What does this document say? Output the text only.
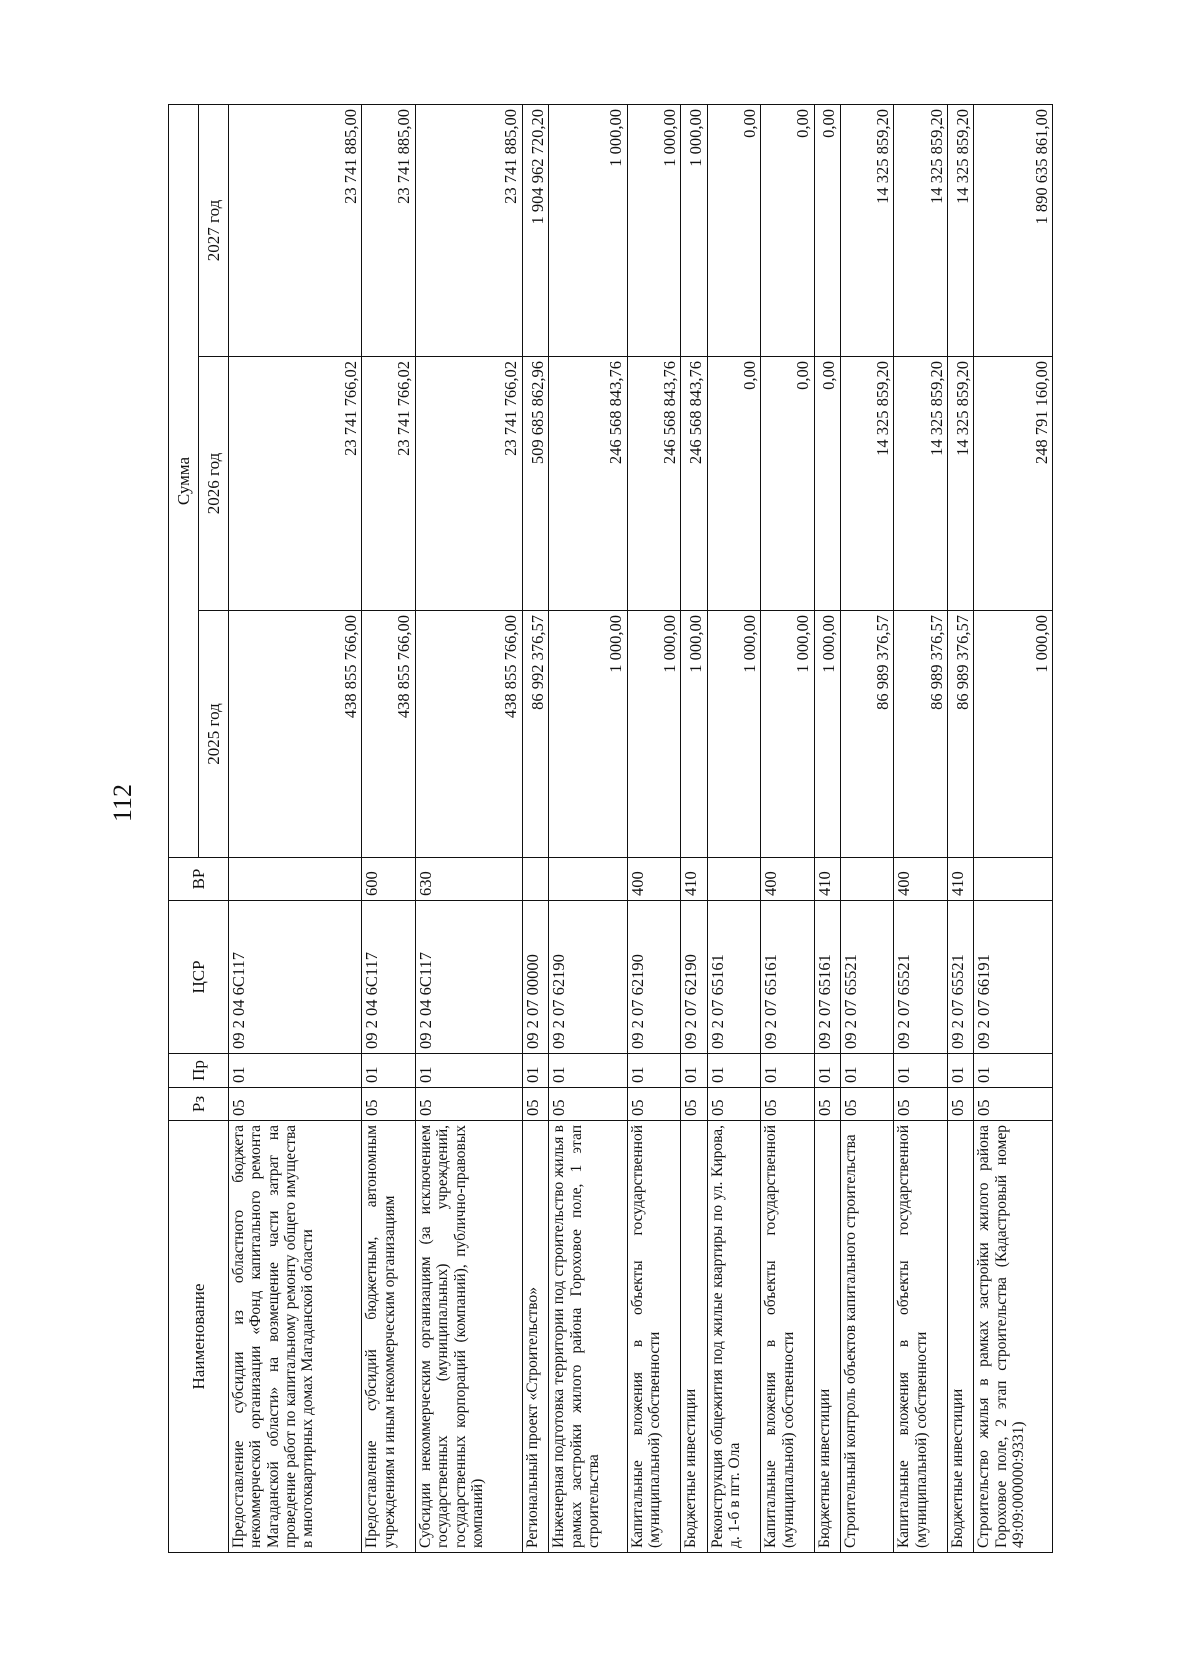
112
Наименование	Рз	Пр	ЦСР	ВР	Сумма		
					2025 год	2026 год	2027 год
Предоставление субсидии из областного бюджета некоммерческой организации «Фонд капитального ремонта Магаданской области» на возмещение части затрат на проведение работ по капитальному ремонту общего имущества в многоквартирных домах Магаданской области	05	01	09 2 04 6С117		438 855 766,00	23 741 766,02	23 741 885,00
Предоставление субсидий бюджетным, автономным учреждениям и иным некоммерческим организациям	05	01	09 2 04 6С117	600	438 855 766,00	23 741 766,02	23 741 885,00
Субсидии некоммерческим организациям (за исключением государственных (муниципальных) учреждений, государственных корпораций (компаний), публично-правовых компаний)	05	01	09 2 04 6С117	630	438 855 766,00	23 741 766,02	23 741 885,00
Региональный проект «Строительство»	05	01	09 2 07 00000		86 992 376,57	509 685 862,96	1 904 962 720,20
Инженерная подготовка территории под строительство жилья в рамках застройки жилого района Гороховое поле, 1 этап строительства	05	01	09 2 07 62190		1 000,00	246 568 843,76	1 000,00
Капитальные вложения в объекты государственной (муниципальной) собственности	05	01	09 2 07 62190	400	1 000,00	246 568 843,76	1 000,00
Бюджетные инвестиции	05	01	09 2 07 62190	410	1 000,00	246 568 843,76	1 000,00
Реконструкция общежития под жилые квартиры по ул. Кирова, д. 1-б в пгт. Ола	05	01	09 2 07 65161		1 000,00	0,00	0,00
Капитальные вложения в объекты государственной (муниципальной) собственности	05	01	09 2 07 65161	400	1 000,00	0,00	0,00
Бюджетные инвестиции	05	01	09 2 07 65161	410	1 000,00	0,00	0,00
Строительный контроль объектов капитального строительства	05	01	09 2 07 65521		86 989 376,57	14 325 859,20	14 325 859,20
Капитальные вложения в объекты государственной (муниципальной) собственности	05	01	09 2 07 65521	400	86 989 376,57	14 325 859,20	14 325 859,20
Бюджетные инвестиции	05	01	09 2 07 65521	410	86 989 376,57	14 325 859,20	14 325 859,20
Строительство жилья в рамках застройки жилого района Гороховое поле, 2 этап строительства (Кадастровый номер 49:09:000000:9331)	05	01	09 2 07 66191		1 000,00	248 791 160,00	1 890 635 861,00
